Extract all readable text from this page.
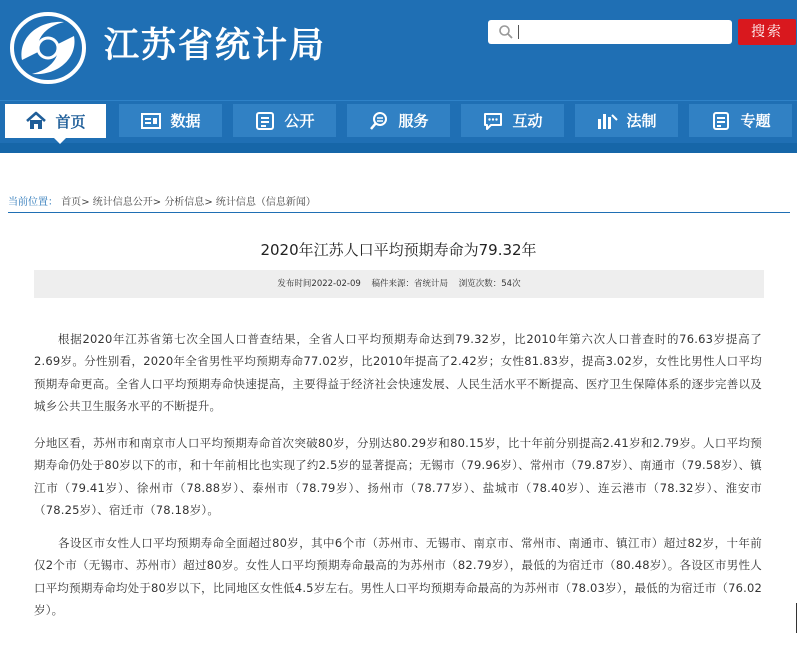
江苏省统计局	搜索
首页	数据	公开	服务	互动	法制	专题
当前位置： 首页> 统计信息公开> 分析信息> 统计信息（信息新闻）
2020年江苏人口平均预期寿命为79.32年
发布时间2022-02-09 稿件来源：省统计局 浏览次数：54次
根据2020年江苏省第七次全国人口普查结果，全省人口平均预期寿命达到79.32岁，比2010年第六次人口普查时的76.63岁提高了2.69岁。分性别看，2020年全省男性平均预期寿命77.02岁，比2010年提高了2.42岁；女性81.83岁，提高3.02岁，女性比男性人口平均预期寿命更高。全省人口平均预期寿命快速提高，主要得益于经济社会快速发展、人民生活水平不断提高、医疗卫生保障体系的逐步完善以及城乡公共卫生服务水平的不断提升。
分地区看，苏州市和南京市人口平均预期寿命首次突破80岁，分别达80.29岁和80.15岁，比十年前分别提高2.41岁和2.79岁。人口平均预期寿命仍处于80岁以下的市，和十年前相比也实现了约2.5岁的显著提高；无锡市（79.96岁）、常州市（79.87岁）、南通市（79.58岁）、镇江市（79.41岁）、徐州市（78.88岁）、泰州市（78.79岁）、扬州市（78.77岁）、盐城市（78.40岁）、连云港市（78.32岁）、淮安市（78.25岁）、宿迁市（78.18岁）。
各设区市女性人口平均预期寿命全面超过80岁，其中6个市（苏州市、无锡市、南京市、常州市、南通市、镇江市）超过82岁，十年前仅2个市（无锡市、苏州市）超过80岁。女性人口平均预期寿命最高的为苏州市（82.79岁），最低的为宿迁市（80.48岁）。各设区市男性人口平均预期寿命均处于80岁以下，比同地区女性低4.5岁左右。男性人口平均预期寿命最高的为苏州市（78.03岁），最低的为宿迁市（76.02岁）。
